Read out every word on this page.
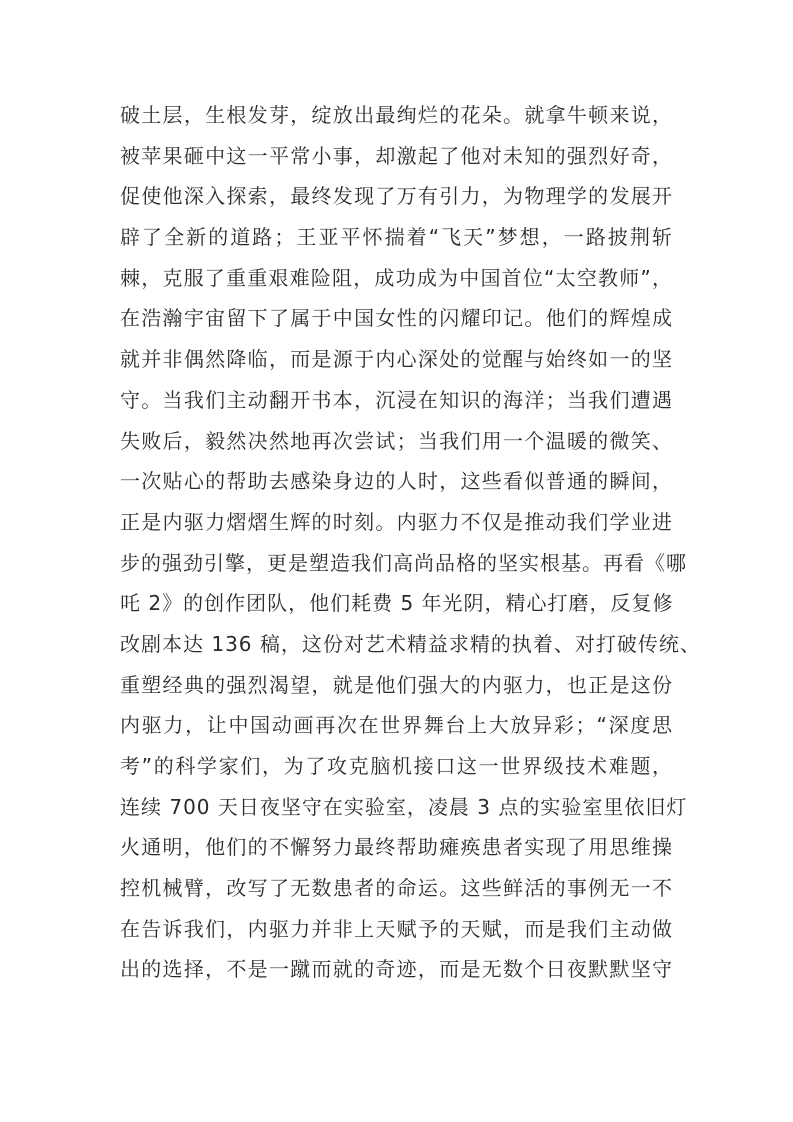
破土层，生根发芽，绽放出最绚烂的花朵。就拿牛顿来说，
被苹果砸中这一平常小事，却激起了他对未知的强烈好奇，
促使他深入探索，最终发现了万有引力，为物理学的发展开
辟了全新的道路；王亚平怀揣着“飞天”梦想，一路披荆斩
棘，克服了重重艰难险阻，成功成为中国首位“太空教师”，
在浩瀚宇宙留下了属于中国女性的闪耀印记。他们的辉煌成
就并非偶然降临，而是源于内心深处的觉醒与始终如一的坚
守。当我们主动翻开书本，沉浸在知识的海洋；当我们遭遇
失败后，毅然决然地再次尝试；当我们用一个温暖的微笑、
一次贴心的帮助去感染身边的人时，这些看似普通的瞬间，
正是内驱力熠熠生辉的时刻。内驱力不仅是推动我们学业进
步的强劲引擎，更是塑造我们高尚品格的坚实根基。再看《哪
吒 2》的创作团队，他们耗费 5 年光阴，精心打磨，反复修
改剧本达 136 稿，这份对艺术精益求精的执着、对打破传统、
重塑经典的强烈渴望，就是他们强大的内驱力，也正是这份
内驱力，让中国动画再次在世界舞台上大放异彩；“深度思
考”的科学家们，为了攻克脑机接口这一世界级技术难题，
连续 700 天日夜坚守在实验室，凌晨 3 点的实验室里依旧灯
火通明，他们的不懈努力最终帮助瘫痪患者实现了用思维操
控机械臂，改写了无数患者的命运。这些鲜活的事例无一不
在告诉我们，内驱力并非上天赋予的天赋，而是我们主动做
出的选择，不是一蹴而就的奇迹，而是无数个日夜默默坚守
